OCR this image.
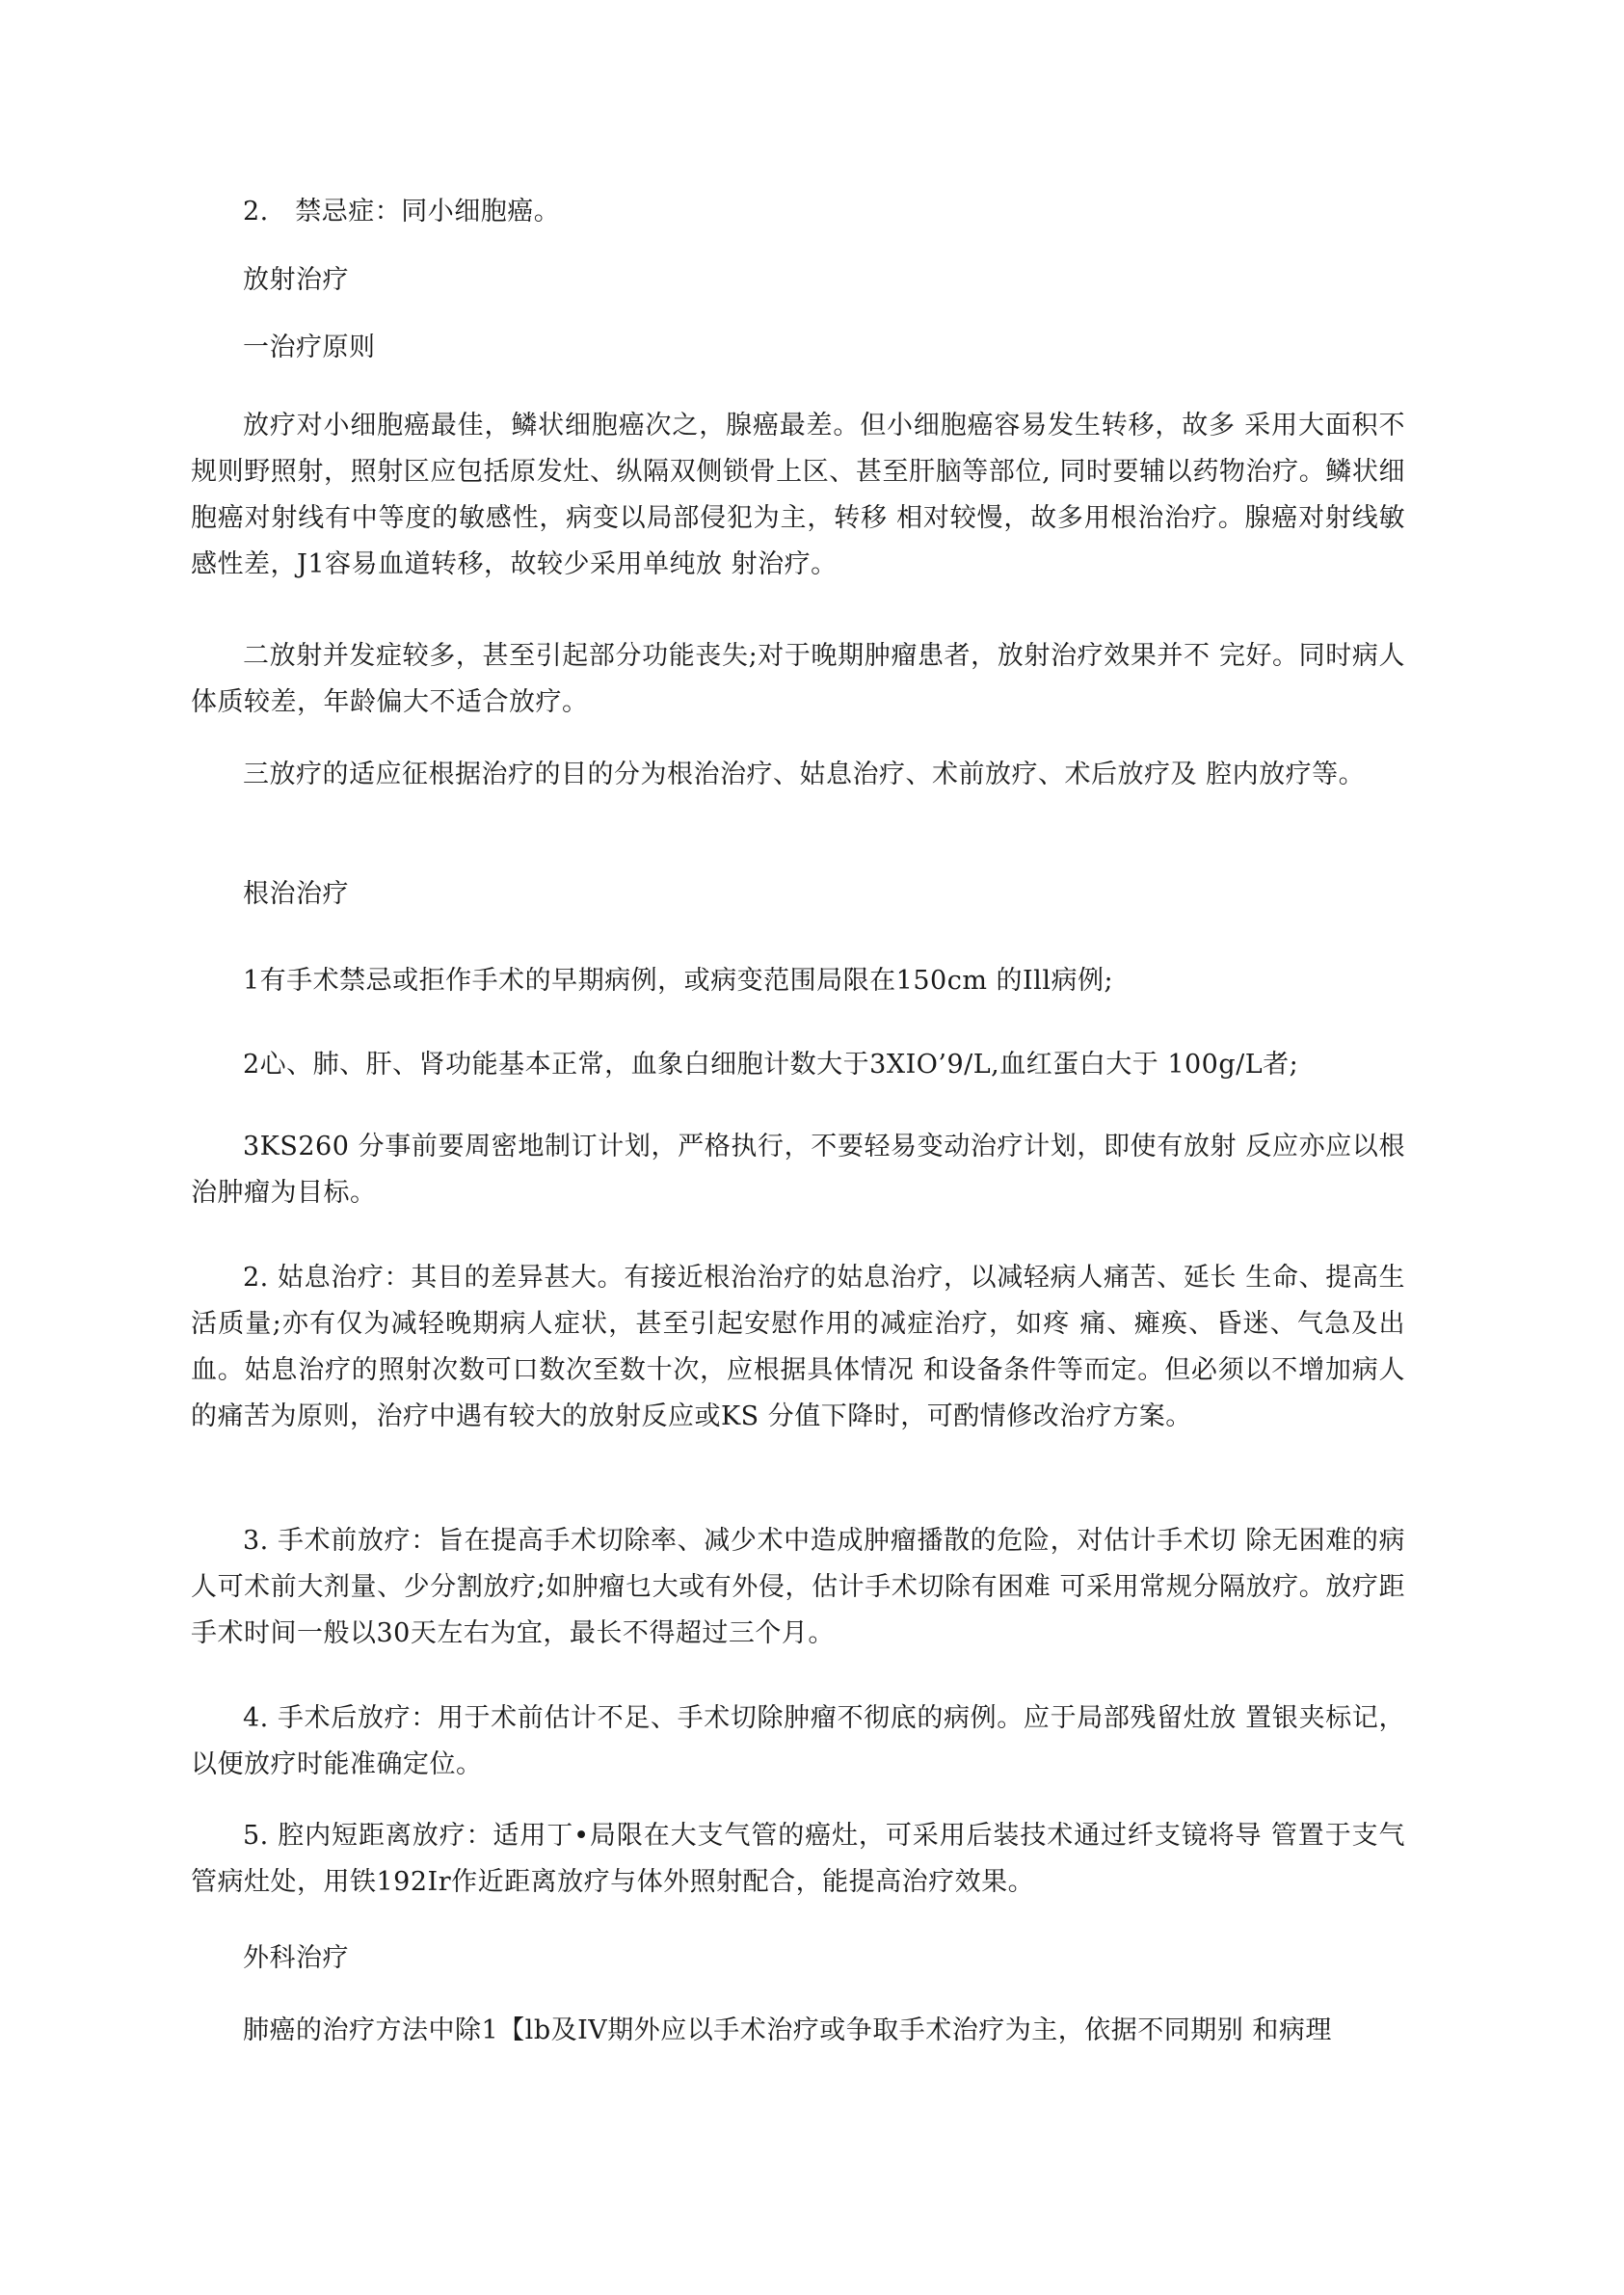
2.　禁忌症：同小细胞癌。
放射治疗
一治疗原则
放疗对小细胞癌最佳，鳞状细胞癌次之，腺癌最差。但小细胞癌容易发生转移，故多 采用大面积不规则野照射，照射区应包括原发灶、纵隔双侧锁骨上区、甚至肝脑等部位, 同时要辅以药物治疗。鳞状细胞癌对射线有中等度的敏感性，病变以局部侵犯为主，转移 相对较慢，故多用根治治疗。腺癌对射线敏感性差，J1容易血道转移，故较少采用单纯放 射治疗。
二放射并发症较多，甚至引起部分功能丧失;对于晚期肿瘤患者，放射治疗效果并不 完好。同时病人体质较差，年龄偏大不适合放疗。
三放疗的适应征根据治疗的目的分为根治治疗、姑息治疗、术前放疗、术后放疗及 腔内放疗等。
根治治疗
1有手术禁忌或拒作手术的早期病例，或病变范围局限在150cm 的Ill病例;
2心、肺、肝、肾功能基本正常，血象白细胞计数大于3XIO’9/L,血红蛋白大于 100g/L者;
3KS260 分事前要周密地制订计划，严格执行，不要轻易变动治疗计划，即使有放射 反应亦应以根治肿瘤为目标。
2. 姑息治疗：其目的差异甚大。有接近根治治疗的姑息治疗，以减轻病人痛苦、延长 生命、提高生活质量;亦有仅为减轻晚期病人症状，甚至引起安慰作用的减症治疗，如疼 痛、瘫痪、昏迷、气急及出血。姑息治疗的照射次数可口数次至数十次，应根据具体情况 和设备条件等而定。但必须以不增加病人的痛苦为原则，治疗中遇有较大的放射反应或KS 分值下降时，可酌情修改治疗方案。
3. 手术前放疗：旨在提高手术切除率、减少术中造成肿瘤播散的危险，对估计手术切 除无困难的病人可术前大剂量、少分割放疗;如肿瘤乜大或有外侵，估计手术切除有困难 可采用常规分隔放疗。放疗距手术时间一般以30天左右为宜，最长不得超过三个月。
4. 手术后放疗：用于术前估计不足、手术切除肿瘤不彻底的病例。应于局部残留灶放 置银夹标记，以便放疗时能准确定位。
5. 腔内短距离放疗：适用丁•局限在大支气管的癌灶，可采用后装技术通过纤支镜将导 管置于支气管病灶处，用铁192Ir作近距离放疗与体外照射配合，能提高治疗效果。
外科治疗
肺癌的治疗方法中除1【lb及IV期外应以手术治疗或争取手术治疗为主，依据不同期别 和病理
